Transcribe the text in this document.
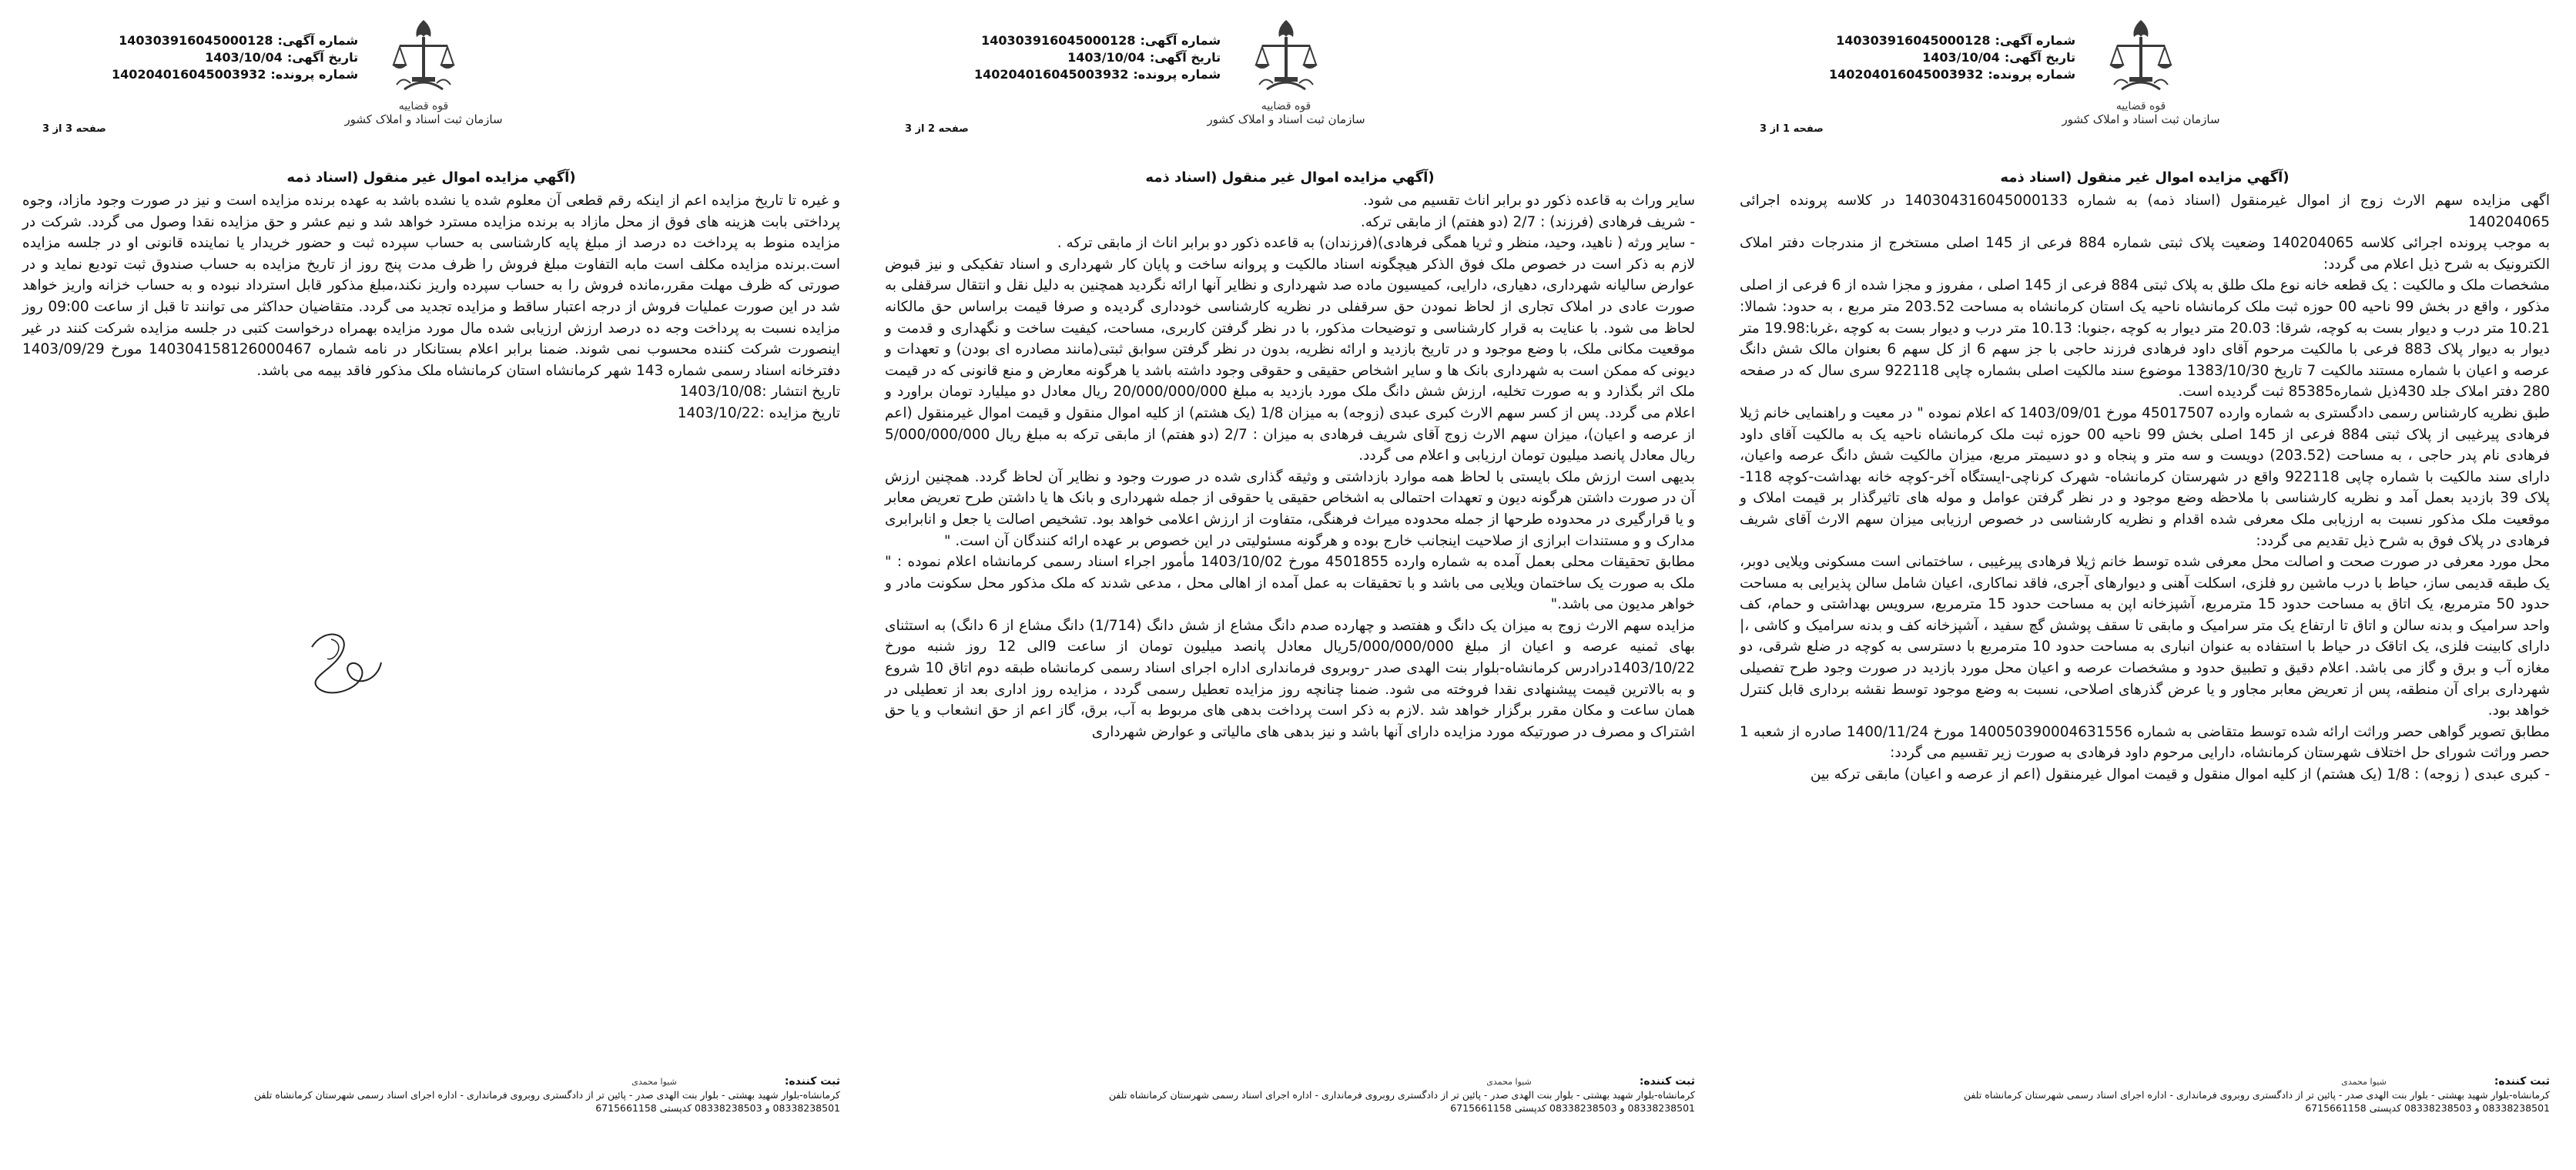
قوه قضاییه
سازمان ثبت اسناد و املاک کشور
شماره آگهی:140303916045000128
تاریخ آگهی:1403/10/04
شماره پرونده:140204016045003932
صفحه 1 از 3
(آگهي مزايده اموال غير منقول (اسناد ذمه

اگهی مزایده سهم الارث زوج از اموال غیرمنقول (اسناد ذمه) به شماره 140304316045000133 در کلاسه پرونده اجرائی 140204065

به موجب پرونده اجرائی کلاسه 140204065 وضعیت پلاک ثبتی شماره 884 فرعی از 145 اصلی مستخرج از مندرجات دفتر املاک الکترونیک به شرح ذیل اعلام می گردد:

مشخصات ملک و مالکیت : یک قطعه خانه نوع ملک طلق به پلاک ثبتی 884 فرعی از 145 اصلی ، مفروز و مجزا شده از 6 فرعی از اصلی مذکور ، واقع در بخش 99 ناحیه 00 حوزه ثبت ملک کرمانشاه ناحیه یک استان کرمانشاه به مساحت 203.52 متر مربع ، به حدود: شمالا: 10.21 متر درب و دیوار بست به کوچه، شرقا: 20.03 متر دیوار به کوچه ،جنوبا: 10.13 متر درب و دیوار بست به کوچه ،غربا:19.98 متر دیوار به دیوار پلاک 883 فرعی با مالکیت مرحوم آقای داود فرهادی فرزند حاجی با جز سهم 6 از کل سهم 6 بعنوان مالک شش دانگ عرصه و اعیان با شماره مستند مالکیت 7 تاریخ 1383/10/30 موضوع سند مالکیت اصلی بشماره چاپی 922118 سری سال که در صفحه 280 دفتر املاک جلد 430ذیل شماره85385 ثبت گردیده است.

طبق نظریه کارشناس رسمی دادگستری به شماره وارده 45017507 مورخ 1403/09/01 که اعلام نموده " در معیت و راهنمایی خانم ژیلا فرهادی پیرغیبی از پلاک ثبتی 884 فرعی از 145 اصلی بخش 99 ناحیه 00 حوزه ثبت ملک کرمانشاه ناحیه یک به مالکیت آقای داود فرهادی نام پدر حاجی ، به مساحت (203.52) دویست و سه متر و پنجاه و دو دسیمتر مربع، میزان مالکیت شش دانگ عرصه واعیان، دارای سند مالکیت با شماره چاپی 922118 واقع در شهرستان کرمانشاه- شهرک کرناچی-ایستگاه آخر-کوچه خانه بهداشت-کوچه 118- پلاک 39 بازدید بعمل آمد و نظریه کارشناسی با ملاحظه وضع موجود و در نظر گرفتن عوامل و موله های تاثیرگذار بر قیمت املاک و موقعیت ملک مذکور نسبت به ارزیابی ملک معرفی شده اقدام و نظریه کارشناسی در خصوص ارزیابی میزان سهم الارث آقای شریف فرهادی در پلاک فوق به شرح ذیل تقدیم می گردد:

محل مورد معرفی در صورت صحت و اصالت محل معرفی شده توسط خانم ژیلا فرهادی پیرغیبی ، ساختمانی است مسکونی ویلایی دوبر، یک طبقه قدیمی ساز، حیاط با درب ماشین رو فلزی، اسکلت آهنی و دیوارهای آجری، فاقد نماکاری، اعیان شامل سالن پذیرایی به مساحت حدود 50 مترمربع، یک اتاق به مساحت حدود 15 مترمربع، آشپزخانه اپن به مساحت حدود 15 مترمربع، سرویس بهداشتی و حمام، کف واحد سرامیک و بدنه سالن و اتاق تا ارتفاع یک متر سرامیک و مابقی تا سقف پوشش گچ سفید ، آشپزخانه کف و بدنه سرامیک و کاشی ،| دارای کابینت فلزی، یک اتاقک در حیاط با استفاده به عنوان انباری به مساحت حدود 10 مترمربع با دسترسی به کوچه در ضلع شرقی، دو مغازه آب و برق و گاز می باشد. اعلام دقیق و تطبیق حدود و مشخصات عرصه و اعیان محل مورد بازدید در صورت وجود طرح تفصیلی شهرداری برای آن منطقه، پس از تعریض معابر مجاور و یا عرض گذرهای اصلاحی، نسبت به وضع موجود توسط نقشه برداری قابل کنترل خواهد بود.

مطابق تصویر گواهی حصر وراثت ارائه شده توسط متقاضی به شماره 140050390004631556 مورخ 1400/11/24 صادره از شعبه 1 حصر وراثت شورای حل اختلاف شهرستان کرمانشاه، دارایی مرحوم داود فرهادی به صورت زیر تقسیم می گردد:

- کبری عبدی ( زوجه) : 1/8 (یک هشتم) از کلیه اموال منقول و قیمت اموال غیرمنقول (اعم از عرصه و اعیان) مابقی ترکه بین

ثبت کننده:شیوا محمدی
کرمانشاه-بلوار شهید بهشتی - بلوار بنت الهدی صدر - پائین تر از دادگستری روبروی فرمانداری - اداره اجرای اسناد رسمی شهرستان کرمانشاه تلفن
08338238501 و 08338238503 کدپستی 6715661158
قوه قضاییه
سازمان ثبت اسناد و املاک کشور
شماره آگهی:140303916045000128
تاریخ آگهی:1403/10/04
شماره پرونده:140204016045003932
صفحه 2 از 3
(آگهي مزايده اموال غير منقول (اسناد ذمه

سایر وراث به قاعده ذکور دو برابر اناث تقسیم می شود.

- شریف فرهادی (فرزند) : 2/7 (دو هفتم) از مابقی ترکه.

- سایر ورثه ( ناهید، وحید، منظر و ثریا همگی فرهادی)(فرزندان) به قاعده ذکور دو برابر اناث از مابقی ترکه .

لازم به ذکر است در خصوص ملک فوق الذکر هیچگونه اسناد مالکیت و پروانه ساخت و پایان کار شهرداری و اسناد تفکیکی و نیز قبوض عوارض سالیانه شهرداری، دهیاری، دارایی، کمیسیون ماده صد شهرداری و نظایر آنها ارائه نگردید همچنین به دلیل نقل و انتقال سرقفلی به صورت عادی در املاک تجاری از لحاظ نمودن حق سرقفلی در نظریه کارشناسی خودداری گردیده و صرفا قیمت براساس حق مالکانه لحاظ می شود. با عنایت به قرار کارشناسی و توضیحات مذکور، با در نظر گرفتن کاربری، مساحت، کیفیت ساخت و نگهداری و قدمت و موقعیت مکانی ملک، با وضع موجود و در تاریخ بازدید و ارائه نظریه، بدون در نظر گرفتن سوابق ثبتی(مانند مصادره ای بودن) و تعهدات و دیونی که ممکن است به شهرداری بانک ها و سایر اشخاص حقیقی و حقوقی وجود داشته باشد یا هرگونه معارض و منع قانونی که در قیمت ملک اثر بگذارد و به صورت تخلیه، ارزش شش دانگ ملک مورد بازدید به مبلغ 20/000/000/000 ریال معادل دو میلیارد تومان براورد و اعلام می گردد. پس از کسر سهم الارث کبری عبدی (زوجه) به میزان 1/8 (یک هشتم) از کلیه اموال منقول و قیمت اموال غیرمنقول (اعم از عرصه و اعیان)، میزان سهم الارث زوج آقای شریف فرهادی به میزان : 2/7 (دو هفتم) از مابقی ترکه به مبلغ ریال 5/000/000/000 ریال معادل پانصد میلیون تومان ارزیابی و اعلام می گردد.

بدیهی است ارزش ملک بایستی با لحاظ همه موارد بازداشتی و وثیقه گذاری شده در صورت وجود و نظایر آن لحاظ گردد. همچنین ارزش آن در صورت داشتن هرگونه دیون و تعهدات احتمالی به اشخاص حقیقی یا حقوقی از جمله شهرداری و بانک ها یا داشتن طرح تعریض معابر و یا قرارگیری در محدوده طرحها از جمله محدوده میراث فرهنگی، متفاوت از ارزش اعلامی خواهد بود. تشخیص اصالت یا جعل و انابرابری مدارک و و مستندات ابرازی از صلاحیت اینجانب خارج بوده و هرگونه مسئولیتی در این خصوص بر عهده ارائه کنندگان آن است. "

مطابق تحقیقات محلی بعمل آمده به شماره وارده 4501855 مورخ 1403/10/02 مأمور اجراء اسناد رسمی کرمانشاه اعلام نموده : " ملک به صورت یک ساختمان ویلایی می باشد و با تحقیقات به عمل آمده از اهالی محل ، مدعی شدند که ملک مذکور محل سکونت مادر و خواهر مدیون می باشد."

مزایده سهم الارث زوج به میزان یک دانگ و هفتصد و چهارده صدم دانگ مشاع از شش دانگ (1/714) دانگ مشاع از 6 دانگ) به استثنای بهای ثمنیه عرصه و اعیان از مبلغ 5/000/000/000ریال معادل پانصد میلیون تومان از ساعت 9الی 12 روز شنبه مورخ 1403/10/22درادرس کرمانشاه-بلوار بنت الهدی صدر -روبروی فرمانداری اداره اجرای اسناد رسمی کرمانشاه طبقه دوم اتاق 10 شروع و به بالاترین قیمت پیشنهادی نقدا فروخته می شود. ضمنا چنانچه روز مزایده تعطیل رسمی گردد ، مزایده روز اداری بعد از تعطیلی در همان ساعت و مکان مقرر برگزار خواهد شد .لازم به ذکر است پرداخت بدهی های مربوط به آب، برق، گاز اعم از حق انشعاب و یا حق اشتراک و مصرف در صورتیکه مورد مزایده دارای آنها باشد و نیز بدهی های مالیاتی و عوارض شهرداری

ثبت کننده:شیوا محمدی
کرمانشاه-بلوار شهید بهشتی - بلوار بنت الهدی صدر - پائین تر از دادگستری روبروی فرمانداری - اداره اجرای اسناد رسمی شهرستان کرمانشاه تلفن
08338238501 و 08338238503 کدپستی 6715661158
قوه قضاییه
سازمان ثبت اسناد و املاک کشور
شماره آگهی:140303916045000128
تاریخ آگهی:1403/10/04
شماره پرونده:140204016045003932
صفحه 3 از 3
(آگهي مزايده اموال غير منقول (اسناد ذمه

و غیره تا تاریخ مزایده اعم از اینکه رقم قطعی آن معلوم شده یا نشده باشد به عهده برنده مزایده است و نیز در صورت وجود مازاد، وجوه پرداختی بابت هزینه های فوق از محل مازاد به برنده مزایده مسترد خواهد شد و نیم عشر و حق مزایده نقدا وصول می گردد. شرکت در مزایده منوط به پرداخت ده درصد از مبلغ پایه کارشناسی به حساب سپرده ثبت و حضور خریدار یا نماینده قانونی او در جلسه مزایده است.برنده مزایده مکلف است مابه التفاوت مبلغ فروش را ظرف مدت پنج روز از تاریخ مزایده به حساب صندوق ثبت تودیع نماید و در صورتی که ظرف مهلت مقرر،مانده فروش را به حساب سپرده واریز نکند،مبلغ مذکور قابل استرداد نبوده و به حساب خزانه واریز خواهد شد در این صورت عملیات فروش از درجه اعتبار ساقط و مزایده تجدید می گردد. متقاضیان حداکثر می توانند تا قبل از ساعت 09:00 روز مزایده نسبت به پرداخت وجه ده درصد ارزش ارزیابی شده مال مورد مزایده بهمراه درخواست کتبی در جلسه مزایده شرکت کنند در غیر اینصورت شرکت کننده محسوب نمی شوند. ضمنا برابر اعلام بستانکار در نامه شماره 140304158126000467 مورخ 1403/09/29 دفترخانه اسناد رسمی شماره 143 شهر کرمانشاه استان کرمانشاه ملک مذکور فاقد بیمه می باشد.

تاریخ انتشار :1403/10/08

تاریخ مزایده :1403/10/22

ثبت کننده:شیوا محمدی
کرمانشاه-بلوار شهید بهشتی - بلوار بنت الهدی صدر - پائین تر از دادگستری روبروی فرمانداری - اداره اجرای اسناد رسمی شهرستان کرمانشاه تلفن
08338238501 و 08338238503 کدپستی 6715661158
